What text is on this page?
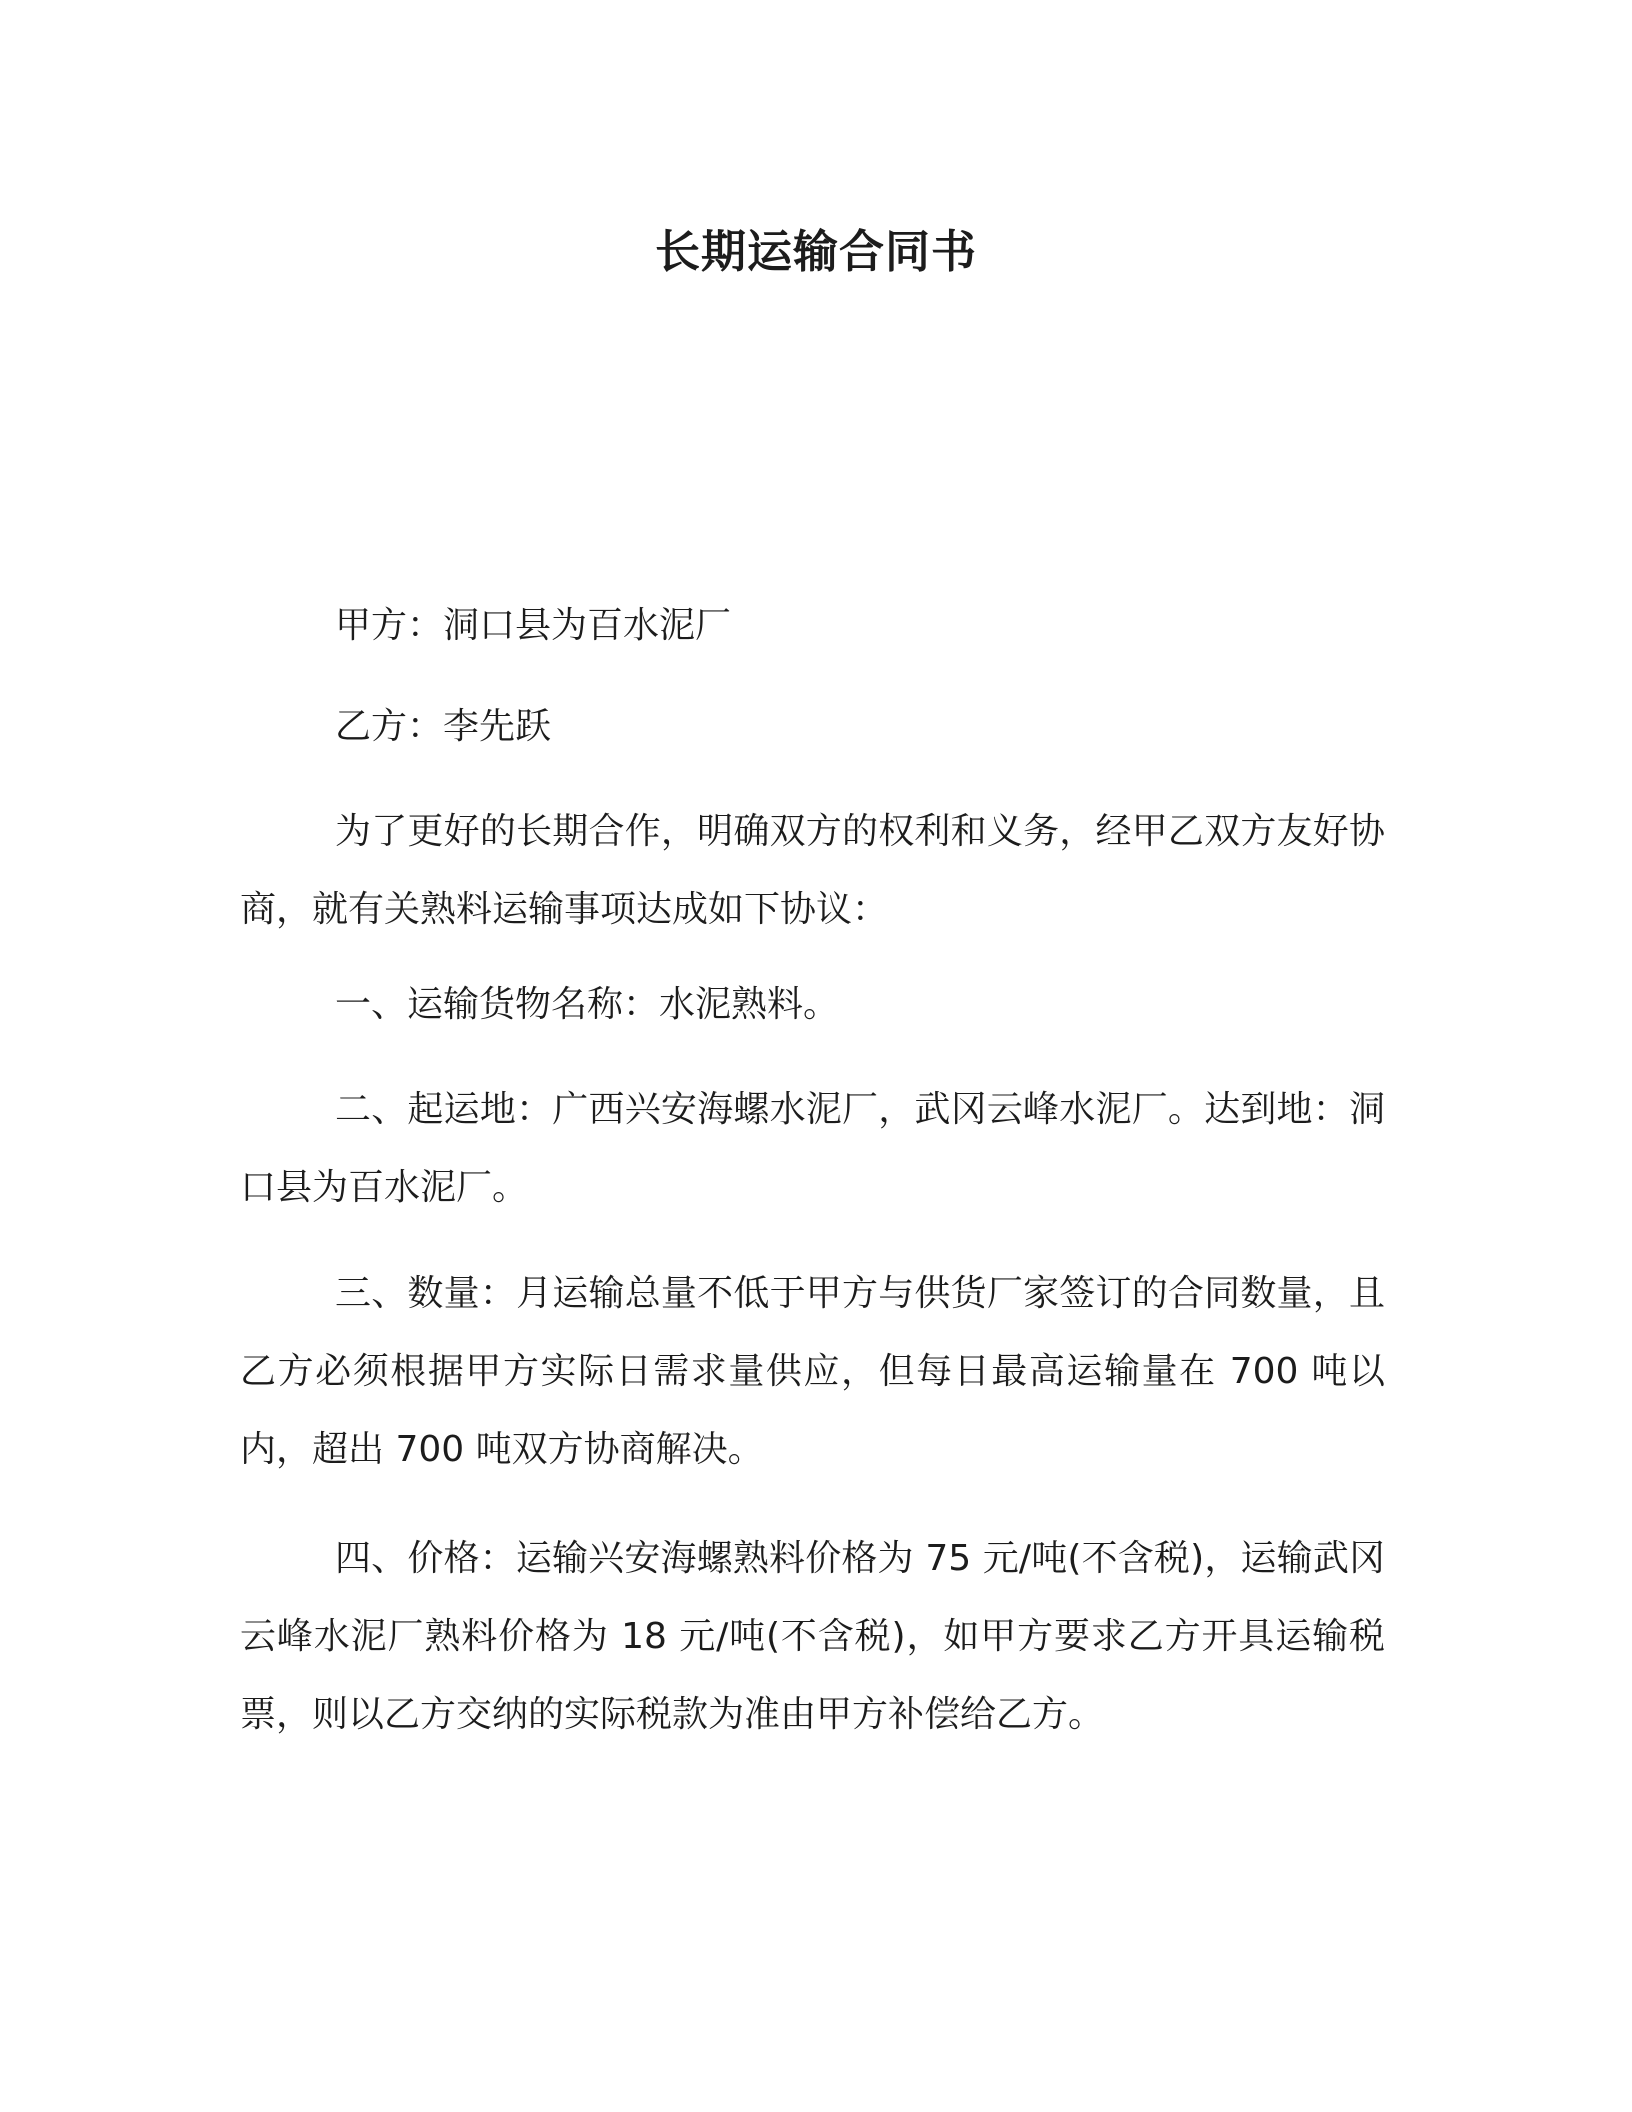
长期运输合同书

甲方：洞口县为百水泥厂

乙方：李先跃

为了更好的长期合作，明确双方的权利和义务，经甲乙双方友好协商，就有关熟料运输事项达成如下协议：

一、运输货物名称：水泥熟料。

二、起运地：广西兴安海螺水泥厂，武冈云峰水泥厂。达到地：洞口县为百水泥厂。

三、数量：月运输总量不低于甲方与供货厂家签订的合同数量，且乙方必须根据甲方实际日需求量供应，但每日最高运输量在 700 吨以内，超出 700 吨双方协商解决。

四、价格：运输兴安海螺熟料价格为 75 元/吨(不含税)，运输武冈云峰水泥厂熟料价格为 18 元/吨(不含税)，如甲方要求乙方开具运输税票，则以乙方交纳的实际税款为准由甲方补偿给乙方。
